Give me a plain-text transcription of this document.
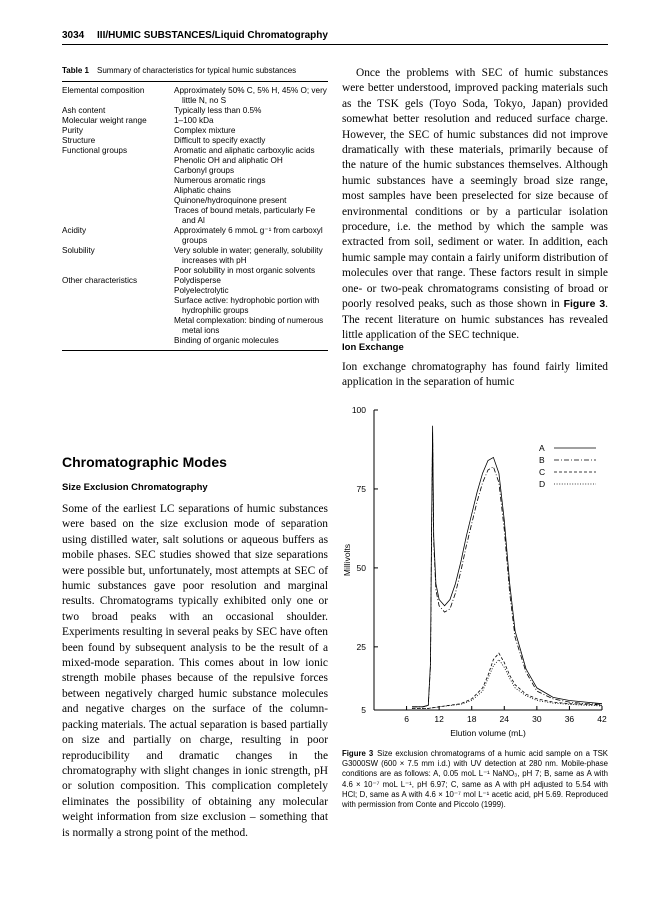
3034 III/HUMIC SUBSTANCES/Liquid Chromatography
Table 1 Summary of characteristics for typical humic substances
Elemental composition	Approximately 50% C, 5% H, 45% O; very little N, no S
Ash content	Typically less than 0.5%
Molecular weight range	1–100 kDa
Purity	Complex mixture
Structure	Difficult to specify exactly
Functional groups	Aromatic and aliphatic carboxylic acids
Phenolic OH and aliphatic OH
Carbonyl groups
Numerous aromatic rings
Aliphatic chains
Quinone/hydroquinone present
Traces of bound metals, particularly Fe and Al
Acidity	Approximately 6 mmoL g⁻¹ from carboxyl groups
Solubility	Very soluble in water; generally, solubility increases with pH
Poor solubility in most organic solvents
Other characteristics	Polydisperse
Polyelectrolytic
Surface active: hydrophobic portion with hydrophilic groups
Metal complexation: binding of numerous metal ions
Binding of organic molecules
Chromatographic Modes
Size Exclusion Chromatography

Some of the earliest LC separations of humic substances were based on the size exclusion mode of separation using distilled water, salt solutions or aqueous buffers as mobile phases. SEC studies showed that size separations were possible but, unfortunately, most attempts at SEC of humic substances gave poor resolution and marginal results. Chromatograms typically exhibited only one or two broad peaks with an occasional shoulder. Experiments resulting in several peaks by SEC have often been found by subsequent analysis to be the result of a mixed-mode separation. This comes about in low ionic strength mobile phases because of the repulsive forces between negatively charged humic substance molecules and negative charges on the surface of the column-packing materials. The actual separation is based partially on size and partially on charge, resulting in poor reproducibility and dramatic changes in the chromatography with slight changes in ionic strength, pH or solution composition. This complication completely eliminates the possibility of obtaining any molecular weight information from size exclusion – something that is normally a strong point of the method.

Once the problems with SEC of humic substances were better understood, improved packing materials such as the TSK gels (Toyo Soda, Tokyo, Japan) provided somewhat better resolution and reduced surface charge. However, the SEC of humic substances did not improve dramatically with these materials, primarily because of the nature of the humic substances themselves. Although humic substances have a seemingly broad size range, most samples have been preselected for size because of environmental conditions or by a particular isolation procedure, i.e. the method by which the sample was extracted from soil, sediment or water. In addition, each humic sample may contain a fairly uniform distribution of molecules over that range. These factors result in simple one- or two-peak chromatograms consisting of broad or poorly resolved peaks, such as those shown in Figure 3. The recent literature on humic substances has revealed little application of the SEC technique.

Ion Exchange

Ion exchange chromatography has found fairly limited application in the separation of humic

5
25
50
75
100
6	12	18	24	30	36	42
Elution volume (mL)
Millivolts
A
B
C
D
Figure 3 Size exclusion chromatograms of a humic acid sample on a TSK G3000SW (600 × 7.5 mm i.d.) with UV detection at 280 nm. Mobile-phase conditions are as follows: A, 0.05 moL L⁻¹ NaNO₃, pH 7; B, same as A with 4.6 × 10⁻⁷ moL L⁻¹, pH 6.97; C, same as A with pH adjusted to 5.54 with HCl; D, same as A with 4.6 × 10⁻⁷ mol L⁻¹ acetic acid, pH 5.69. Reproduced with permission from Conte and Piccolo (1999).
